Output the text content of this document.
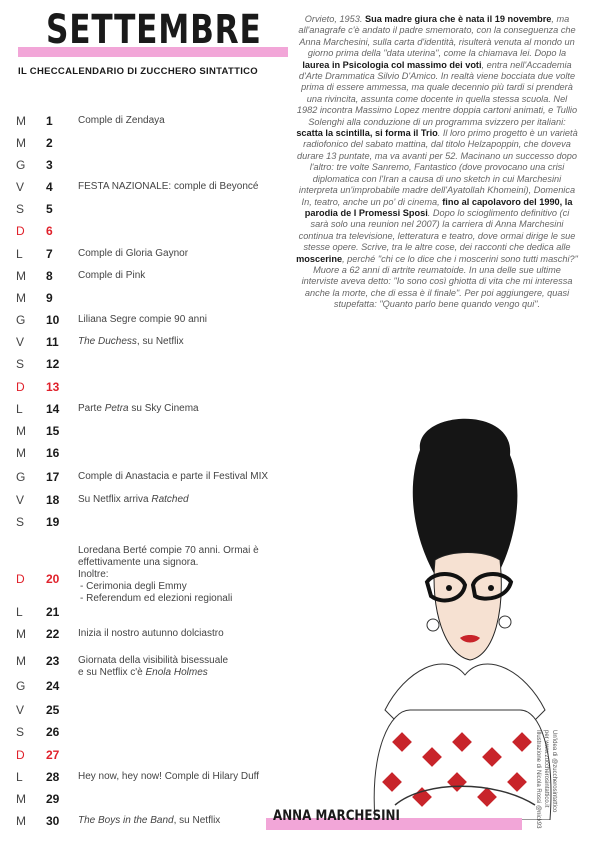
SETTEMBRE
IL CHECCALENDARIO DI ZUCCHERO SINTATTICO
M 1	Comple di Zendaya
M 2
G 3
V 4	FESTA NAZIONALE: comple di Beyoncé
S 5
D 6
L 7	Comple di Gloria Gaynor
M 8	Comple di Pink
M 9
G 10 Liliana Segre compie 90 anni
V 11 The Duchess, su Netflix
S 12
D 13
L 14 Parte Petra su Sky Cinema
M 15
M 16
G 17 Comple di Anastacia e parte il Festival MIX
V 18 Su Netflix arriva Ratched
S 19
D 20
Loredana Berté compie 70 anni. Ormai è effettivamente una signora.
Inoltre:
- Cerimonia degli Emmy
- Referendum ed elezioni regionali
L 21
M 22 Inizia il nostro autunno dolciastro
M 23 Giornata della visibilità bisessuale
e su Netflix c'è Enola Holmes
G 24
V 25
S 26
D 27
L 28 Hey now, hey now! Comple di Hilary Duff
M 29
M 30 The Boys in the Band, su Netflix
Orvieto, 1953. Sua madre giura che è nata il 19 novembre, ma all'anagrafe c'è andato il padre smemorato, con la conseguenza che Anna Marchesini, sulla carta d'identità, risulterà venuta al mondo un giorno prima della "data uterina", come la chiamava lei. Dopo la laurea in Psicologia col massimo dei voti, entra nell'Accademia d'Arte Drammatica Silvio D'Amico. In realtà viene bocciata due volte prima di essere ammessa, ma quale decennio più tardi si prenderà una rivincita, assunta come docente in quella stessa scuola. Nel 1982 incontra Massimo Lopez mentre doppia cartoni animati, e Tullio Solenghi alla conduzione di un programma svizzero per italiani: scatta la scintilla, si forma il Trio. Il loro primo progetto è un varietà radiofonico del sabato mattina, dal titolo Helzapoppin, che doveva durare 13 puntate, ma va avanti per 52. Macinano un successo dopo l'altro: tre volte Sanremo, Fantastico (dove provocano una crisi diplomatica con l'Iran a causa di uno sketch in cui Marchesini interpreta un'improbabile madre dell'Ayatollah Khomeini), Domenica In, teatro, anche un po' di cinema, fino al capolavoro del 1990, la parodia de I Promessi Sposi. Dopo lo scioglimento definitivo (ci sarà solo una reunion nel 2007) la carriera di Anna Marchesini continua tra televisione, letteratura e teatro, dove ormai dirige le sue stesse opere. Scrive, tra le altre cose, dei racconti che dedica alle moscerine, perché "chi ce lo dice che i moscerini sono tutti maschi?" Muore a 62 anni di artrite reumatoide. In una delle sue ultime interviste aveva detto: "Io sono così ghiotta di vita che mi interessa anche la morte, che di essa è il finale". Per poi aggiungere, quasi stupefatta: "Quanto parlo bene quando vengo qui".
ANNA MARCHESINI
Un'idea di @zuccherosintattico
per www.zuccherosintattico.it
Illustrazione di Nicola Rossi @nick93
